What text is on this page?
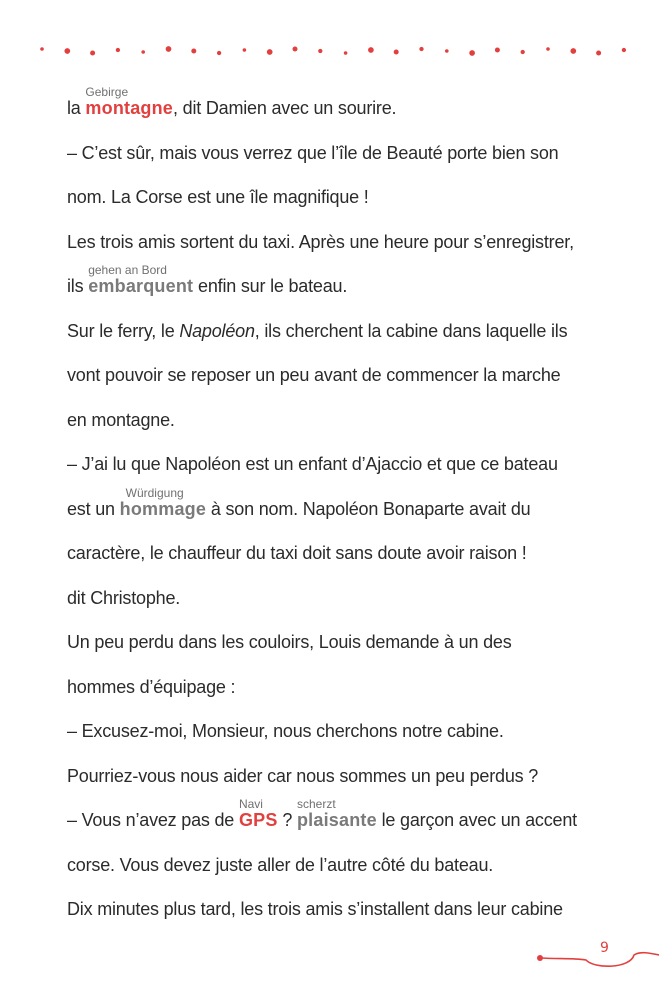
la
Gebirge
montagne, dit Damien avec un sourire.
– C’est sûr, mais vous verrez que l’île de Beauté porte bien son
nom. La Corse est une île magnifique !
Les trois amis sortent du taxi. Après une heure pour s’enregistrer,
ils
gehen an Bord
embarquent enfin sur le bateau.
Sur le ferry, le Napoléon, ils cherchent la cabine dans laquelle ils
vont pouvoir se reposer un peu avant de commencer la marche
en montagne.
– J’ai lu que Napoléon est un enfant d’Ajaccio et que ce bateau
est un
Würdigung
hommage à son nom. Napoléon Bonaparte avait du
caractère, le chauffeur du taxi doit sans doute avoir raison !
dit Christophe.
Un peu perdu dans les couloirs, Louis demande à un des
hommes d’équipage :
– Excusez-moi, Monsieur, nous cherchons notre cabine.
Pourriez-vous nous aider car nous sommes un peu perdus ?
– Vous n’avez pas de
Navi
GPS ?
scherzt
plaisante le garçon avec un accent
corse. Vous devez juste aller de l’autre côté du bateau.
Dix minutes plus tard, les trois amis s’installent dans leur cabine
9
